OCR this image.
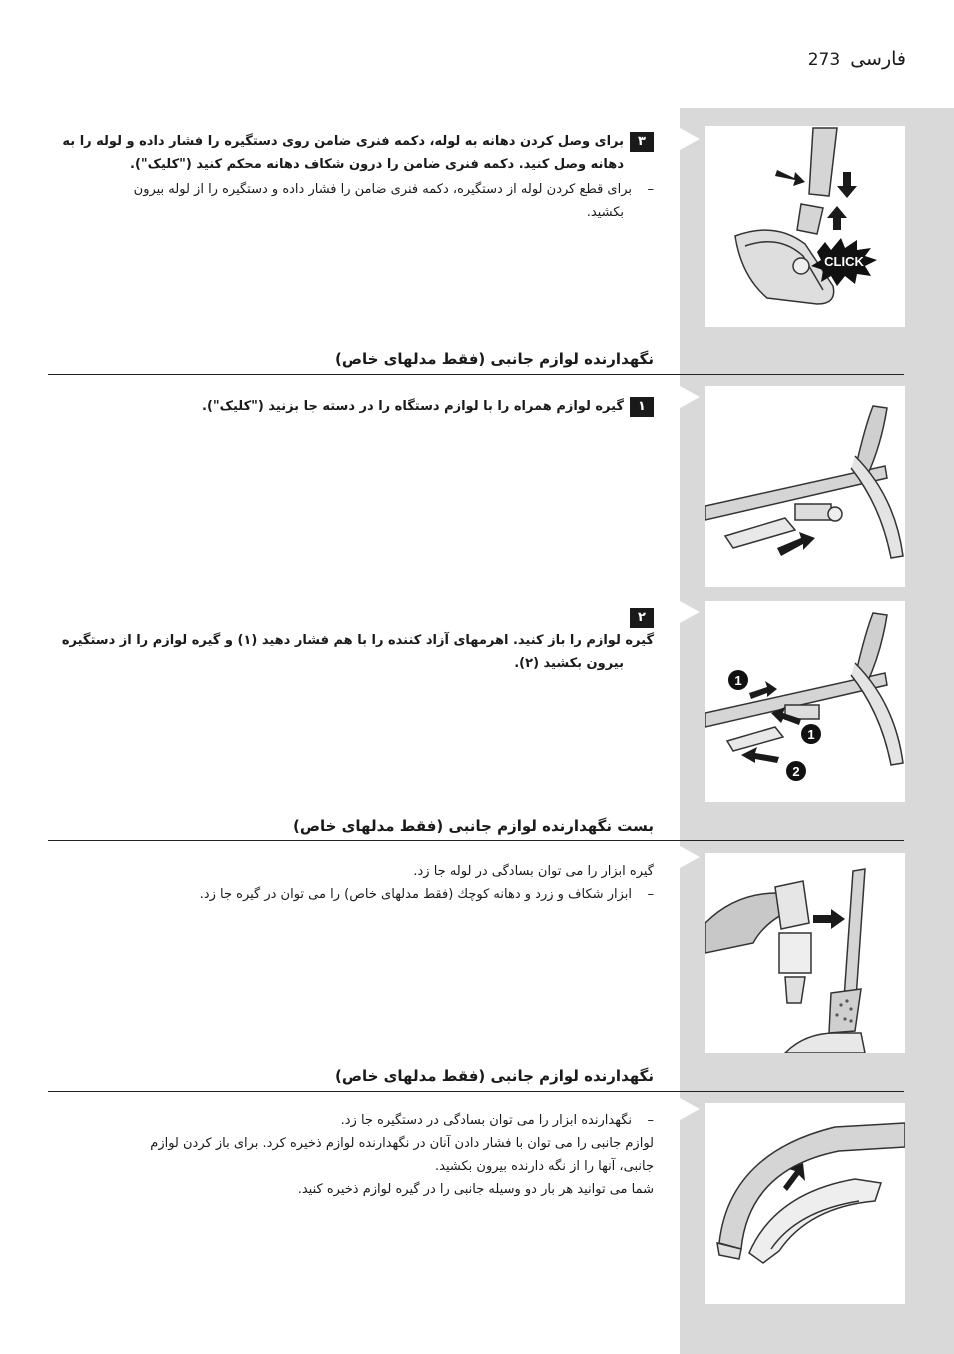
273 فارسی
۳برای وصل کردن دهانه به لوله، دکمه فنری ضامن روی دستگیره را فشار داده و لوله را به
دهانه وصل کنید. دکمه فنری ضامن را درون شکاف دهانه محکم کنید ("کلیک").
–برای قطع کردن لوله از دستگیره، دکمه فنری ضامن را فشار داده و دستگیره را از لوله بیرون
بکشید.
CLICK
نگهدارنده لوازم جانبی (فقط مدلهای خاص)
۱گیره لوازم همراه را با لوازم دستگاه را در دسته جا بزنید ("کلیک").
۲گیره لوازم را باز کنید. اهرمهای آزاد کننده را با هم فشار دهید (۱) و گیره لوازم را از دستگیره
بیرون بکشید (۲).
1
1
2
بست نگهدارنده لوازم جانبی (فقط مدلهای خاص)
گیره ابزار را می توان بسادگی در لوله جا زد.
–ابزار شکاف و زرد و دهانه کوچك (فقط مدلهای خاص) را می توان در گیره جا زد.
نگهدارنده لوازم جانبی (فقط مدلهای خاص)
–نگهدارنده ابزار را می توان بسادگی در دستگیره جا زد.
لوازم جانبی را می توان با فشار دادن آنان در نگهدارنده لوازم ذخیره کرد. برای باز کردن لوازم
جانبی، آنها را از نگه دارنده بیرون بکشید.
شما می توانید هر بار دو وسیله جانبی را در گیره لوازم ذخیره کنید.
